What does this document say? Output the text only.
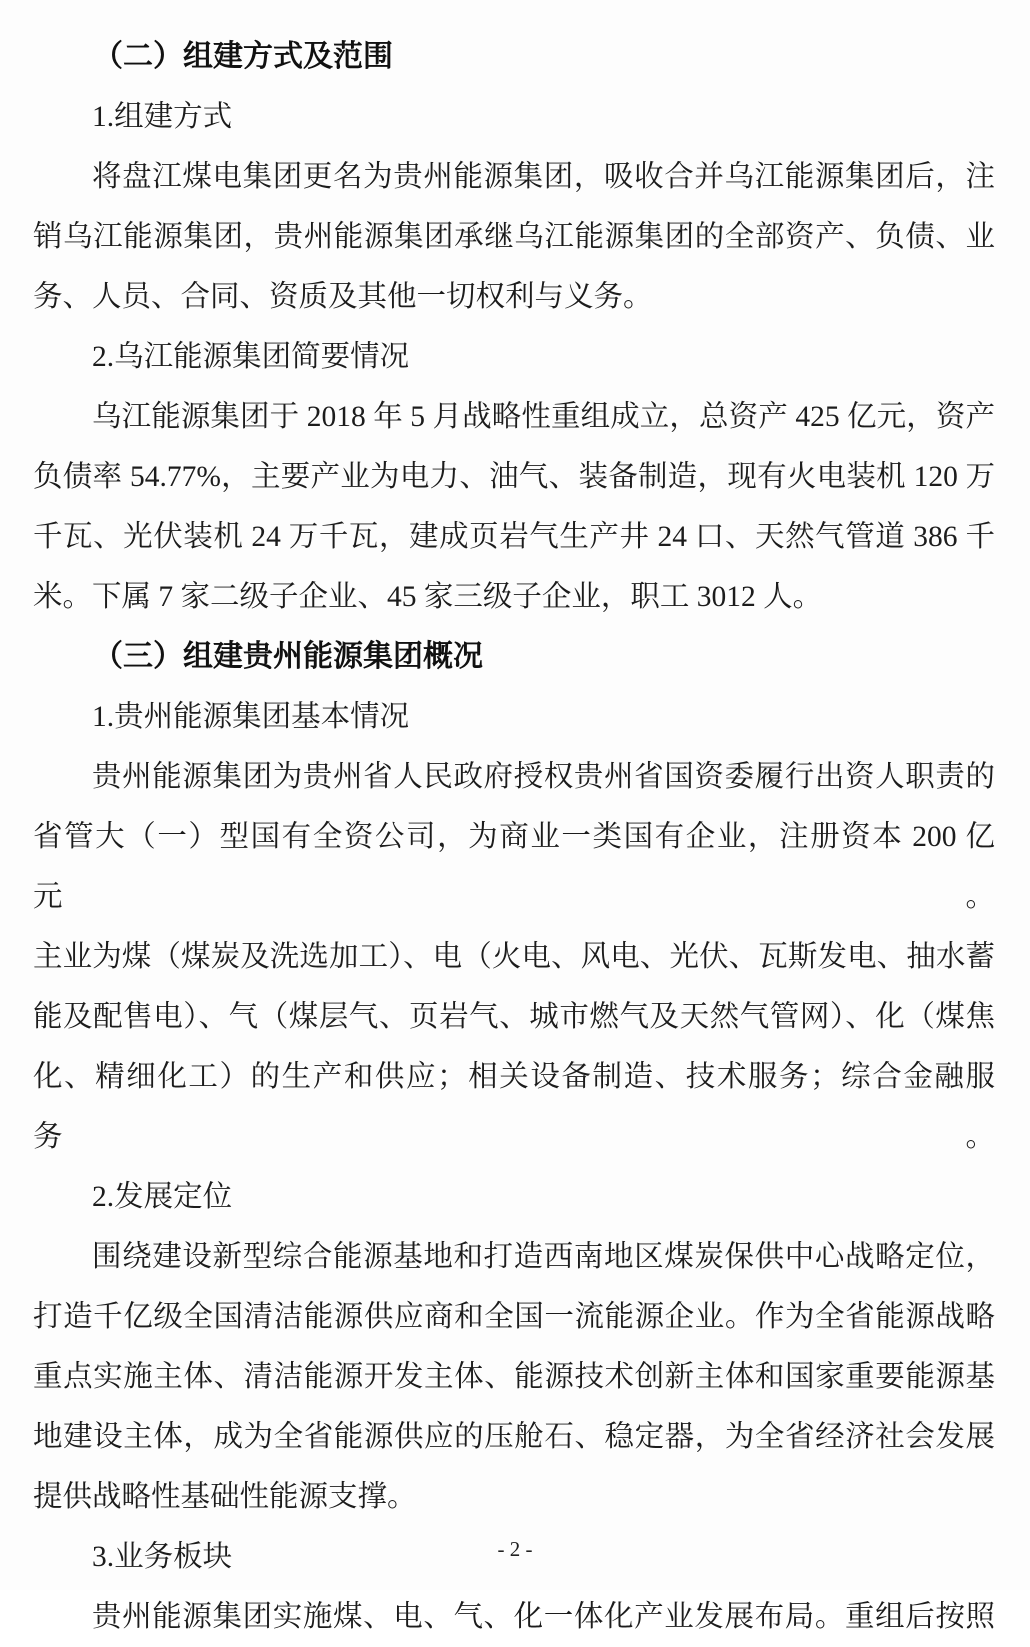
（二）组建方式及范围

1.组建方式

将盘江煤电集团更名为贵州能源集团，吸收合并乌江能源集团后，注

销乌江能源集团，贵州能源集团承继乌江能源集团的全部资产、负债、业

务、人员、合同、资质及其他一切权利与义务。

2.乌江能源集团简要情况

乌江能源集团于 2018 年 5 月战略性重组成立，总资产 425 亿元，资产

负债率 54.77%，主要产业为电力、油气、装备制造，现有火电装机 120 万

千瓦、光伏装机 24 万千瓦，建成页岩气生产井 24 口、天然气管道 386 千

米。下属 7 家二级子企业、45 家三级子企业，职工 3012 人。

（三）组建贵州能源集团概况

1.贵州能源集团基本情况

贵州能源集团为贵州省人民政府授权贵州省国资委履行出资人职责的

省管大（一）型国有全资公司，为商业一类国有企业，注册资本 200 亿元。

主业为煤（煤炭及洗选加工）、电（火电、风电、光伏、瓦斯发电、抽水蓄

能及配售电）、气（煤层气、页岩气、城市燃气及天然气管网）、化（煤焦

化、精细化工）的生产和供应；相关设备制造、技术服务；综合金融服务。

2.发展定位

围绕建设新型综合能源基地和打造西南地区煤炭保供中心战略定位，

打造千亿级全国清洁能源供应商和全国一流能源企业。作为全省能源战略

重点实施主体、清洁能源开发主体、能源技术创新主体和国家重要能源基

地建设主体，成为全省能源供应的压舱石、稳定器，为全省经济社会发展

提供战略性基础性能源支撑。

3.业务板块

贵州能源集团实施煤、电、气、化一体化产业发展布局。重组后按照

- 2 -
